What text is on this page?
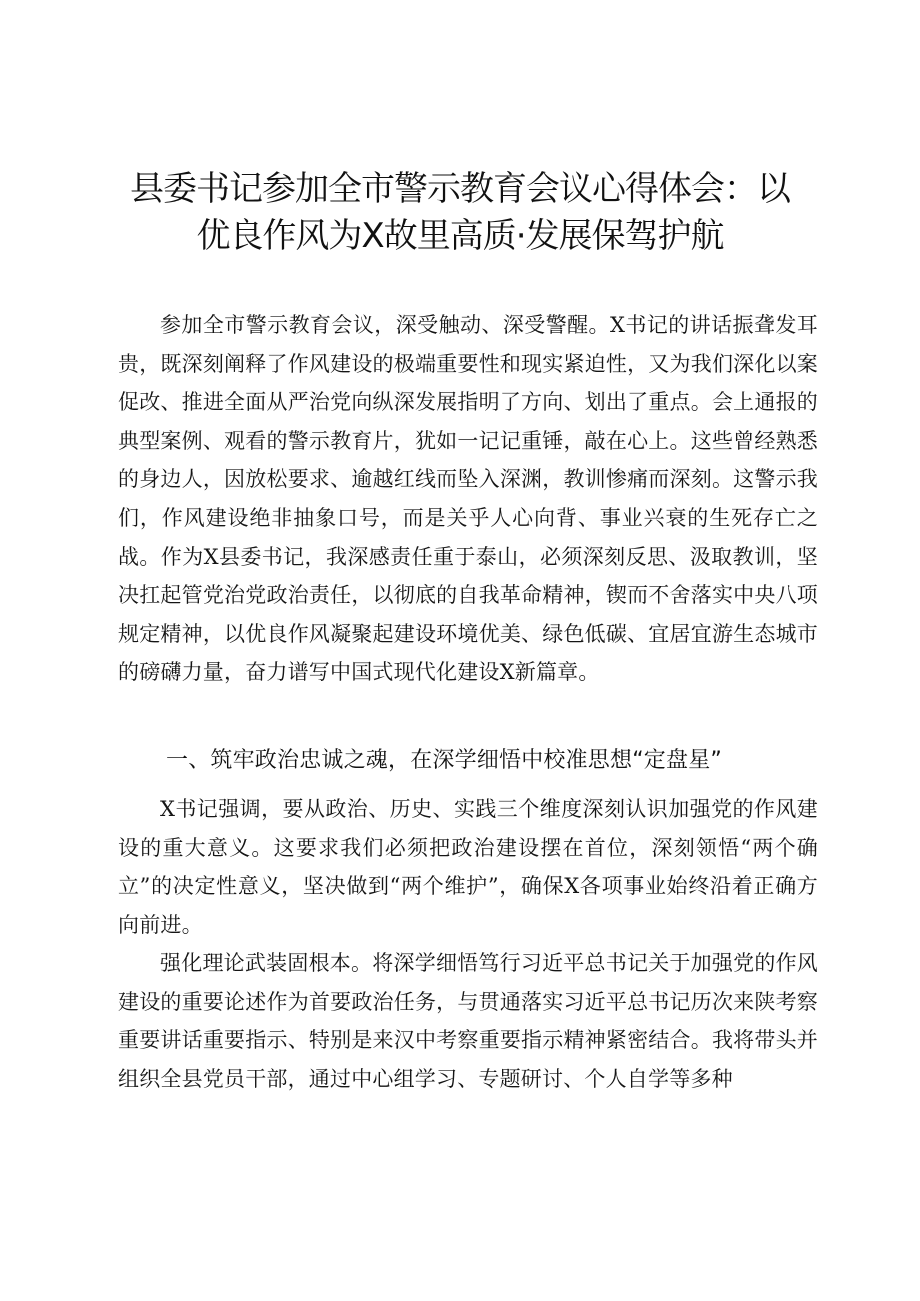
县委书记参加全市警示教育会议心得体会：以优良作风为X故里高质·发展保驾护航

参加全市警示教育会议，深受触动、深受警醒。X书记的讲话振聋发耳贵，既深刻阐释了作风建设的极端重要性和现实紧迫性，又为我们深化以案促改、推进全面从严治党向纵深发展指明了方向、划出了重点。会上通报的典型案例、观看的警示教育片，犹如一记记重锤，敲在心上。这些曾经熟悉的身边人，因放松要求、逾越红线而坠入深渊，教训惨痛而深刻。这警示我们，作风建设绝非抽象口号，而是关乎人心向背、事业兴衰的生死存亡之战。作为X县委书记，我深感责任重于泰山，必须深刻反思、汲取教训，坚决扛起管党治党政治责任，以彻底的自我革命精神，锲而不舍落实中央八项规定精神，以优良作风凝聚起建设环境优美、绿色低碳、宜居宜游生态城市的磅礴力量，奋力谱写中国式现代化建设X新篇章。

一、筑牢政治忠诚之魂，在深学细悟中校准思想“定盘星”

X书记强调，要从政治、历史、实践三个维度深刻认识加强党的作风建设的重大意义。这要求我们必须把政治建设摆在首位，深刻领悟“两个确立”的决定性意义，坚决做到“两个维护”，确保X各项事业始终沿着正确方向前进。

强化理论武装固根本。将深学细悟笃行习近平总书记关于加强党的作风建设的重要论述作为首要政治任务，与贯通落实习近平总书记历次来陕考察重要讲话重要指示、特别是来汉中考察重要指示精神紧密结合。我将带头并组织全县党员干部，通过中心组学习、专题研讨、个人自学等多种
